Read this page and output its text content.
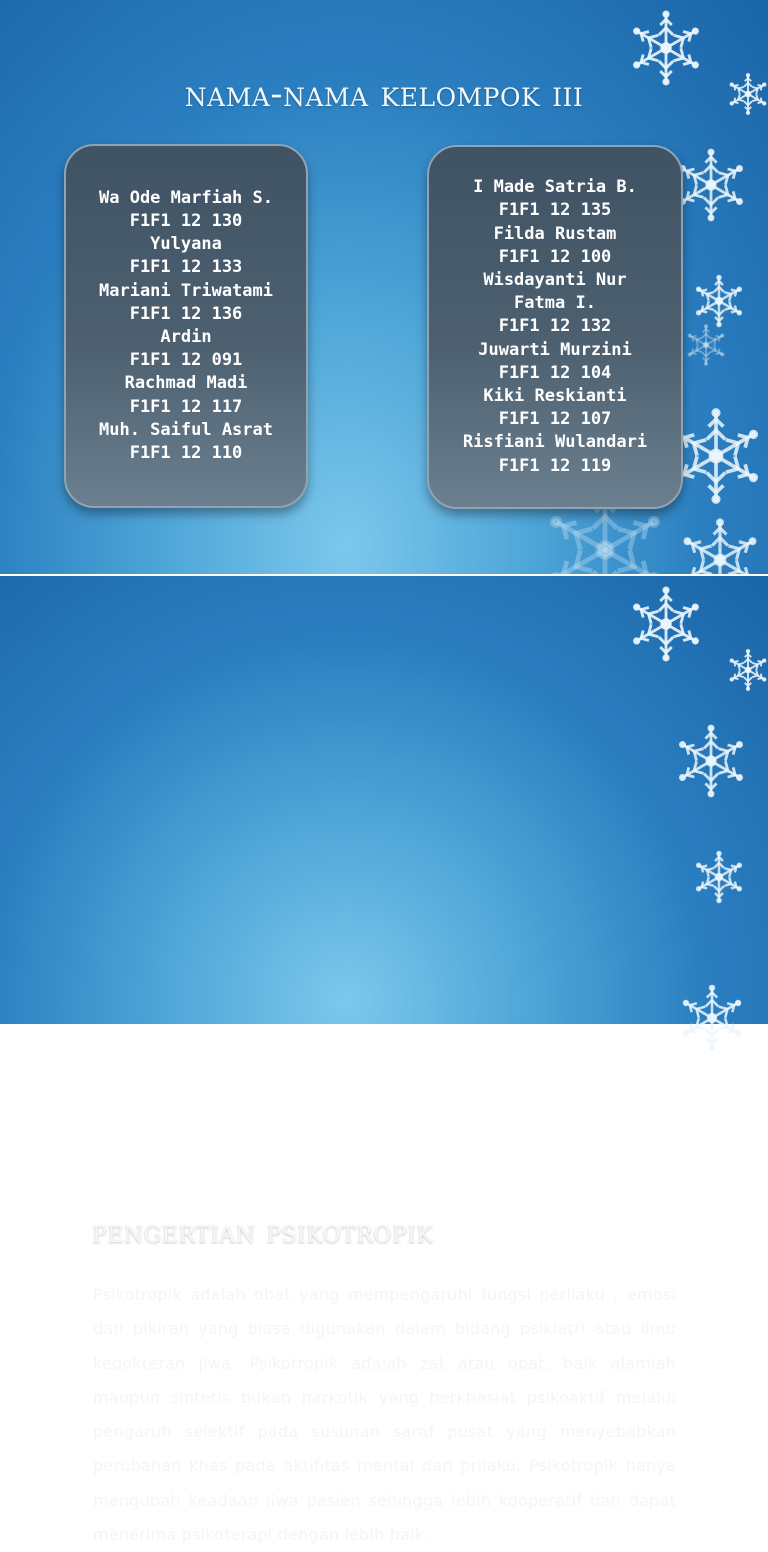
nama-nama kelompok iii
Wa Ode Marfiah S.
F1F1 12 130
Yulyana
F1F1 12 133
Mariani Triwatami
F1F1 12 136
Ardin
F1F1 12 091
Rachmad Madi
F1F1 12 117
Muh. Saiful Asrat
F1F1 12 110
I Made Satria B.
F1F1 12 135
Filda Rustam
F1F1 12 100
Wisdayanti Nur
Fatma I.
F1F1 12 132
Juwarti Murzini
F1F1 12 104
Kiki Reskianti
F1F1 12 107
Risfiani Wulandari
F1F1 12 119
pengertian psikotropik

Psikotropik adalah obat yang mempengaruhi fungsi perilaku , emosi dan pikiran yang biasa digunakan dalam bidang psikiatri atau ilmu kedokteran jiwa. Psikotropik adalah zat atau obat, baik alamiah maupun sintetis bukan narkotik yang berkhasiat psikoaktif melalui pengaruh selektif pada susunan saraf pusat yang menyebabkan perubahan khas pada aktifitas mental dan prilaku. Psikotropik hanya mengubah keadaan jiwa pasien sehingga lebih kooperatif dan dapat menerima psikoterapi dengan lebih baik.
